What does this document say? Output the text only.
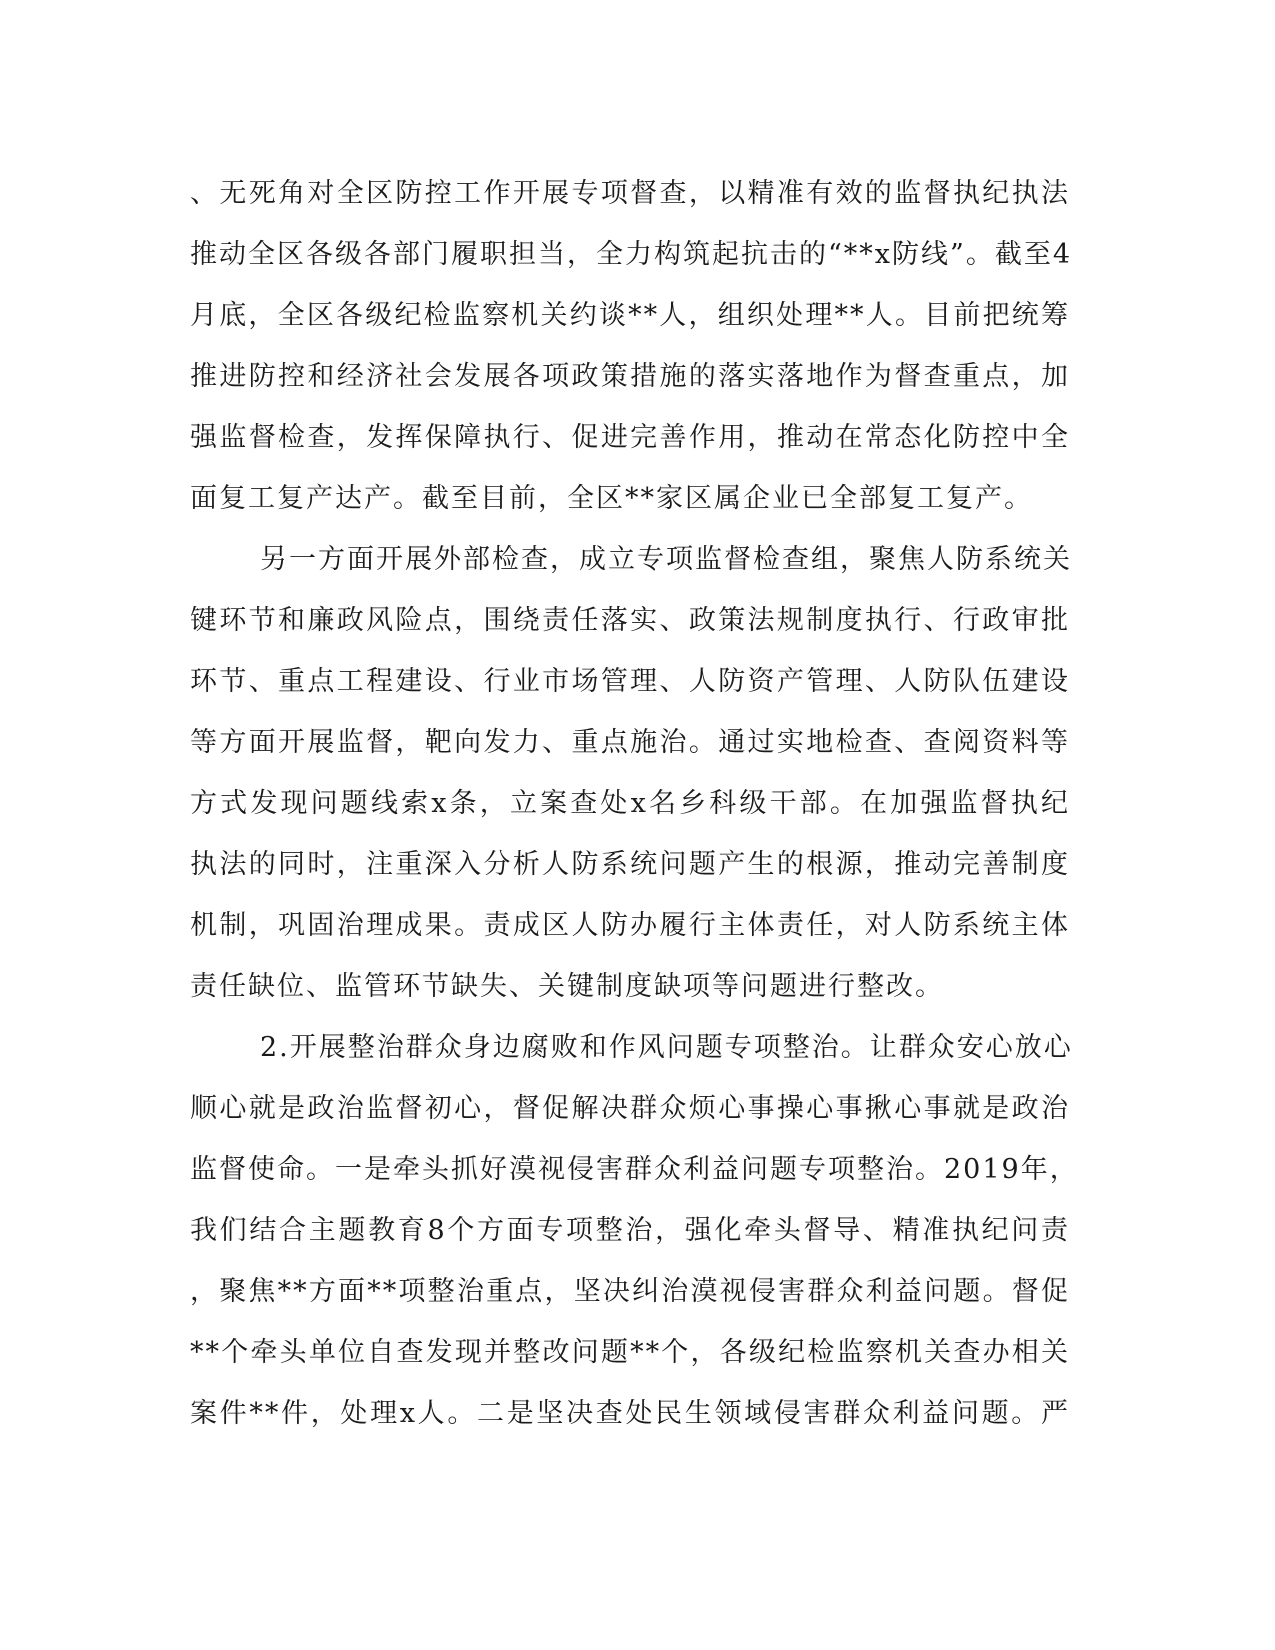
、无死角对全区防控工作开展专项督查，以精准有效的监督执纪执法
推动全区各级各部门履职担当，全力构筑起抗击的“**x防线”。截至4
月底，全区各级纪检监察机关约谈**人，组织处理**人。目前把统筹
推进防控和经济社会发展各项政策措施的落实落地作为督查重点，加
强监督检查，发挥保障执行、促进完善作用，推动在常态化防控中全
面复工复产达产。截至目前，全区**家区属企业已全部复工复产。
另一方面开展外部检查，成立专项监督检查组，聚焦人防系统关
键环节和廉政风险点，围绕责任落实、政策法规制度执行、行政审批
环节、重点工程建设、行业市场管理、人防资产管理、人防队伍建设
等方面开展监督，靶向发力、重点施治。通过实地检查、查阅资料等
方式发现问题线索x条，立案查处x名乡科级干部。在加强监督执纪
执法的同时，注重深入分析人防系统问题产生的根源，推动完善制度
机制，巩固治理成果。责成区人防办履行主体责任，对人防系统主体
责任缺位、监管环节缺失、关键制度缺项等问题进行整改。
2.开展整治群众身边腐败和作风问题专项整治。让群众安心放心
顺心就是政治监督初心，督促解决群众烦心事操心事揪心事就是政治
监督使命。一是牵头抓好漠视侵害群众利益问题专项整治。2019年，
我们结合主题教育8个方面专项整治，强化牵头督导、精准执纪问责
，聚焦**方面**项整治重点，坚决纠治漠视侵害群众利益问题。督促
**个牵头单位自查发现并整改问题**个，各级纪检监察机关查办相关
案件**件，处理x人。二是坚决查处民生领域侵害群众利益问题。严
